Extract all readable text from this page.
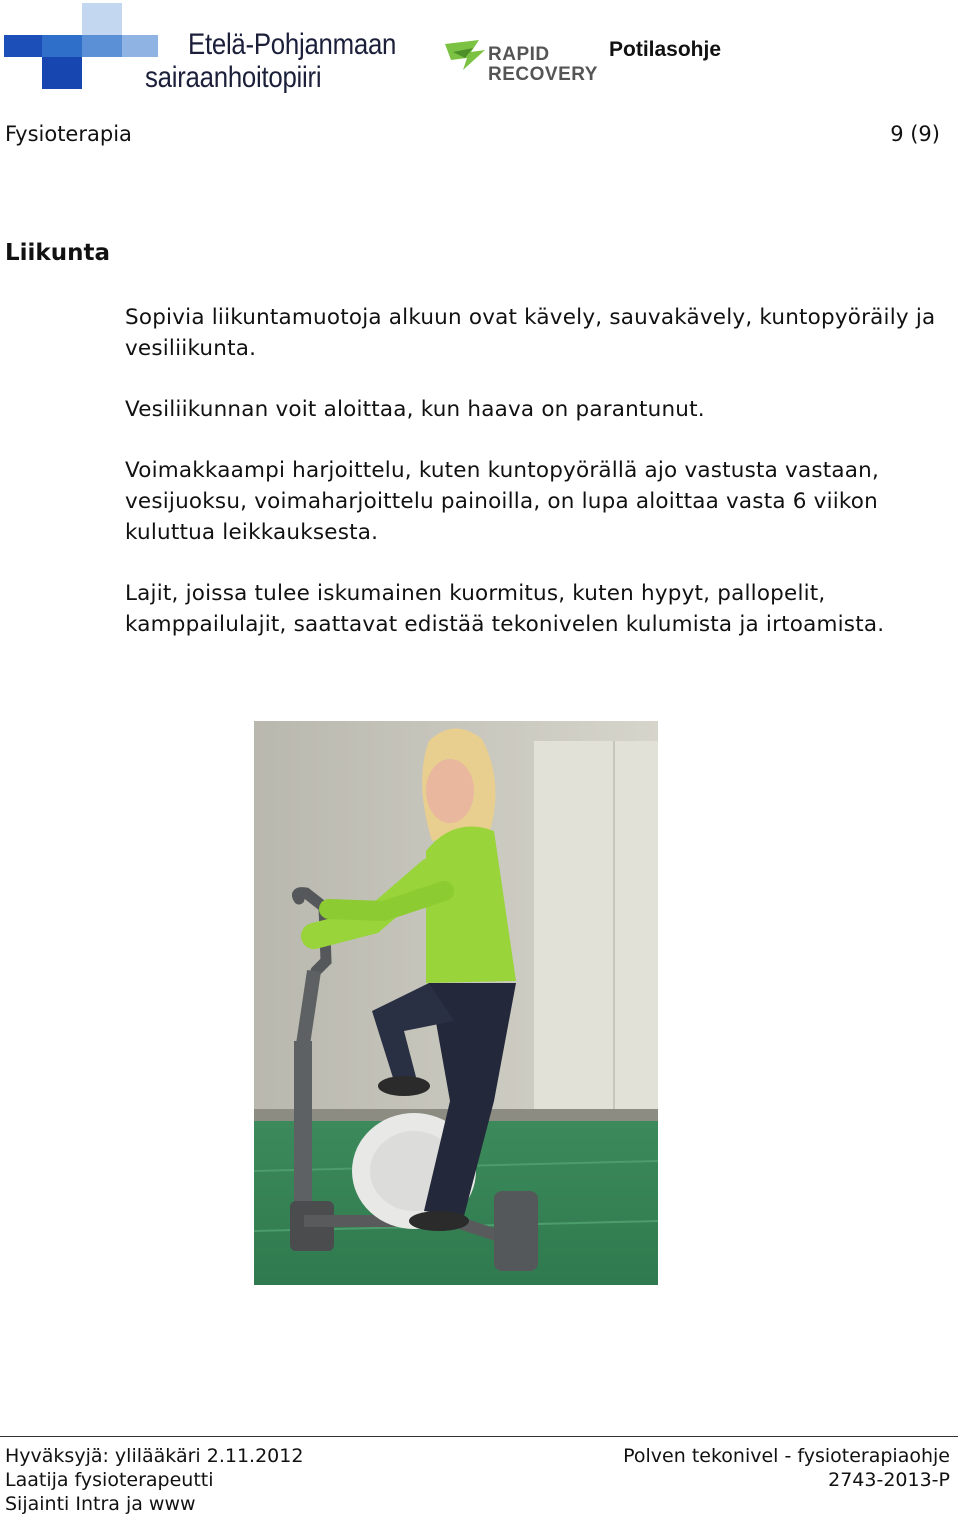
Etelä-Pohjanmaan
sairaanhoitopiiri
RAPID
RECOVERY
Potilasohje
Fysioterapia	9 (9)
Liikunta

Sopivia liikuntamuotoja alkuun ovat kävely, sauvakävely, kuntopyöräily ja vesiliikunta.

Vesiliikunnan voit aloittaa, kun haava on parantunut.

Voimakkaampi harjoittelu, kuten kuntopyörällä ajo vastusta vastaan, vesijuoksu, voimaharjoittelu painoilla, on lupa aloittaa vasta 6 viikon kuluttua leikkauksesta.

Lajit, joissa tulee iskumainen kuormitus, kuten hypyt, pallopelit, kamppailulajit, saattavat edistää tekonivelen kulumista ja irtoamista.

Hyväksyjä: ylilääkäri 2.11.2012
Laatija fysioterapeutti
Sijainti Intra ja www
Polven tekonivel - fysioterapiaohje
2743-2013-P
